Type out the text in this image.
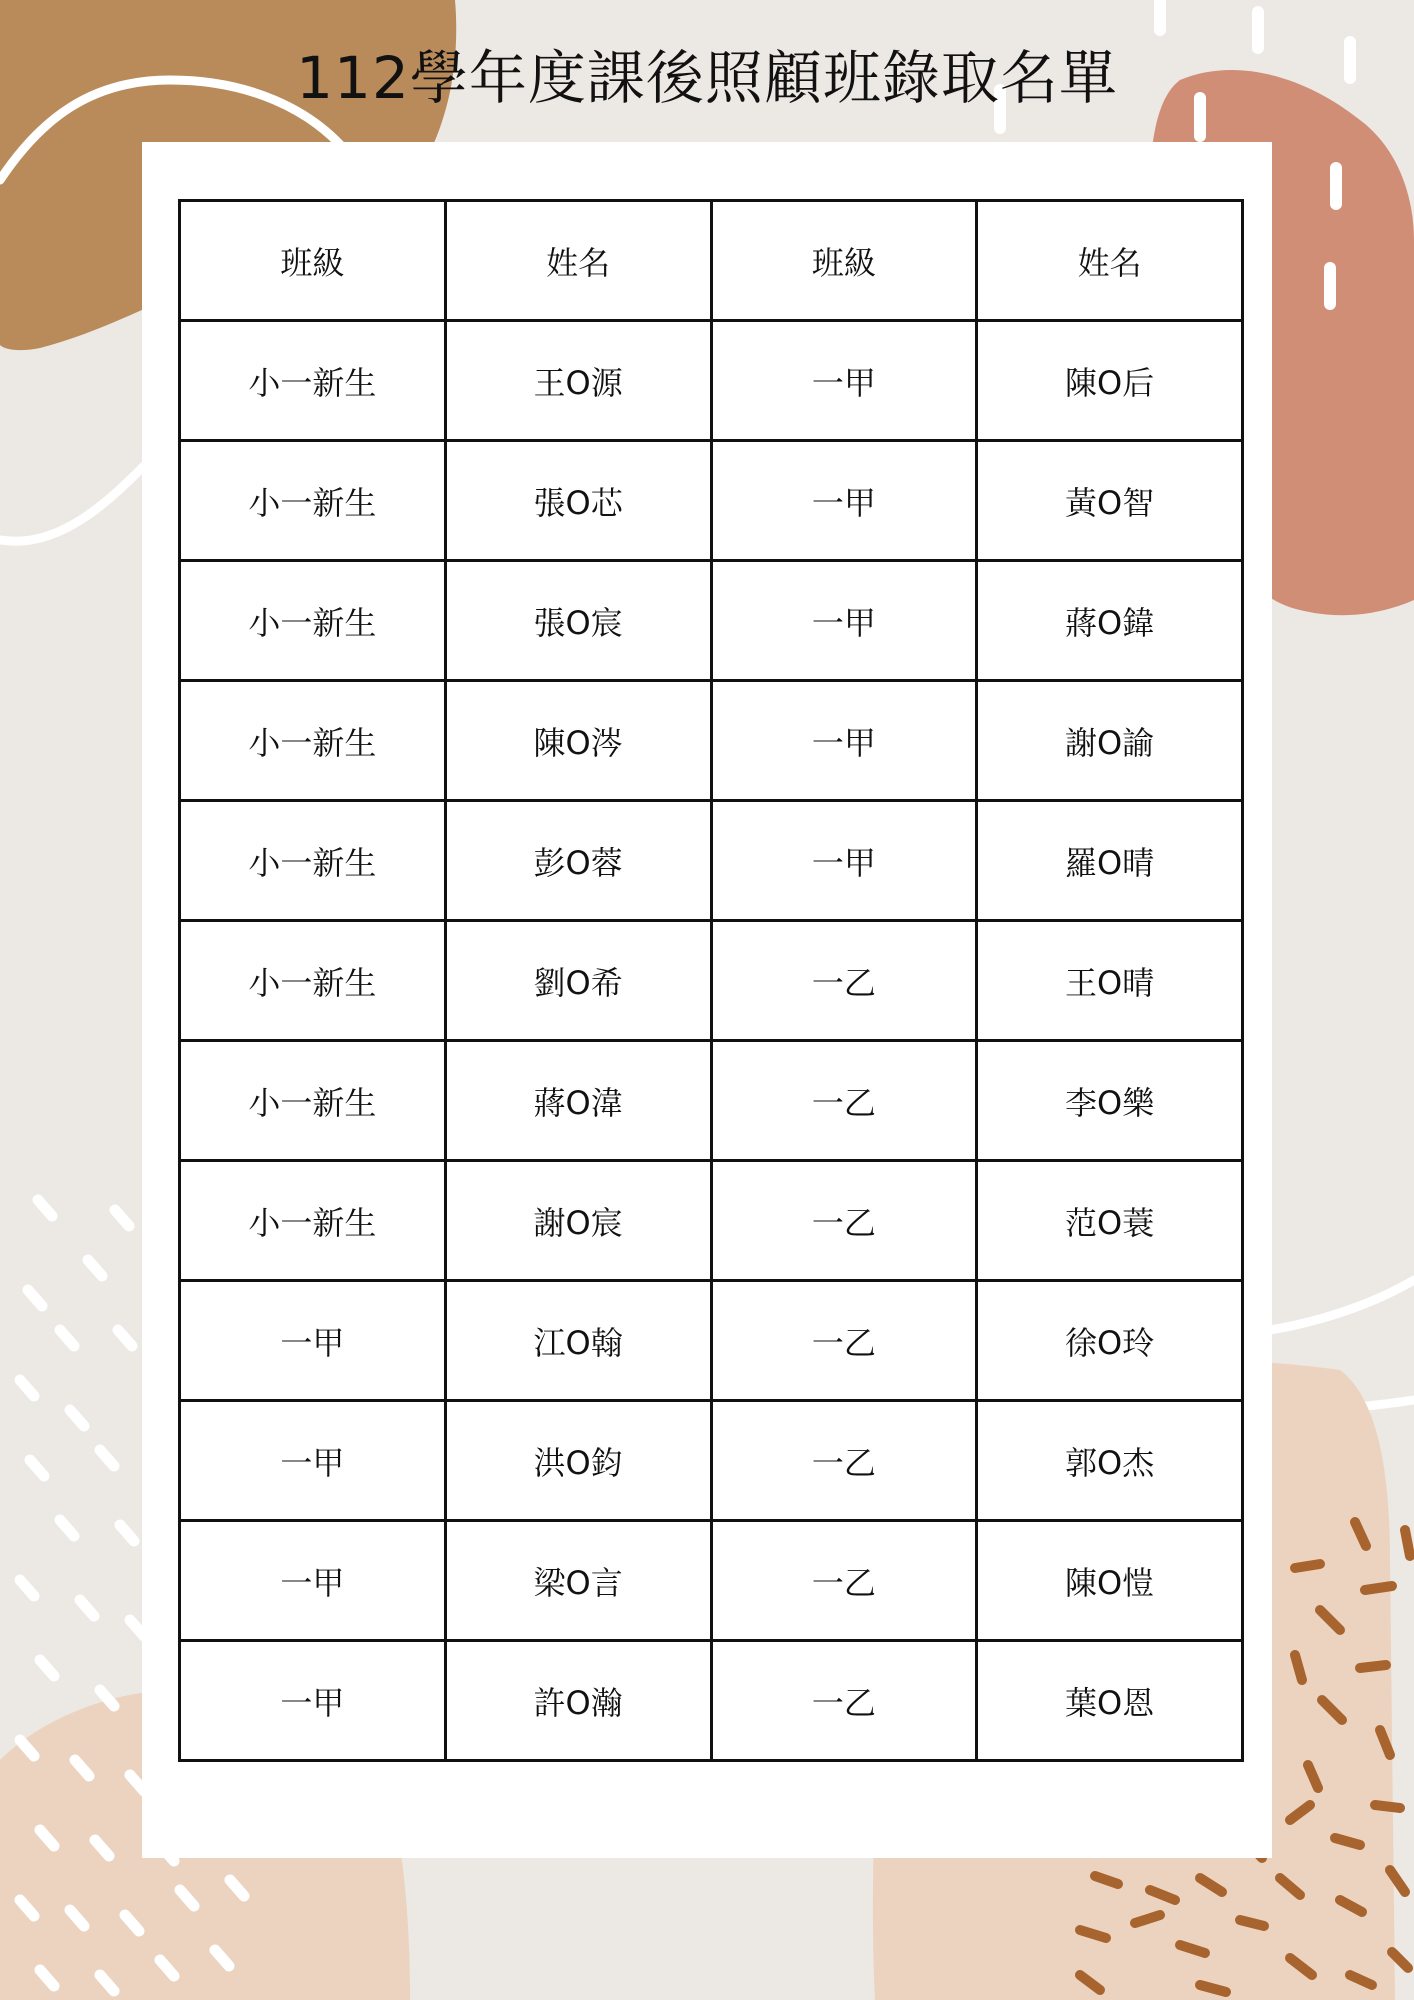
112學年度課後照顧班錄取名單
班級	姓名	班級	姓名
小一新生	王O源	一甲	陳O后
小一新生	張O芯	一甲	黃O智
小一新生	張O宸	一甲	蔣O鍏
小一新生	陳O涔	一甲	謝O諭
小一新生	彭O蓉	一甲	羅O晴
小一新生	劉O希	一乙	王O晴
小一新生	蔣O湋	一乙	李O樂
小一新生	謝O宸	一乙	范O蓑
一甲	江O翰	一乙	徐O玲
一甲	洪O鈞	一乙	郭O杰
一甲	梁O言	一乙	陳O愷
一甲	許O瀚	一乙	葉O恩
